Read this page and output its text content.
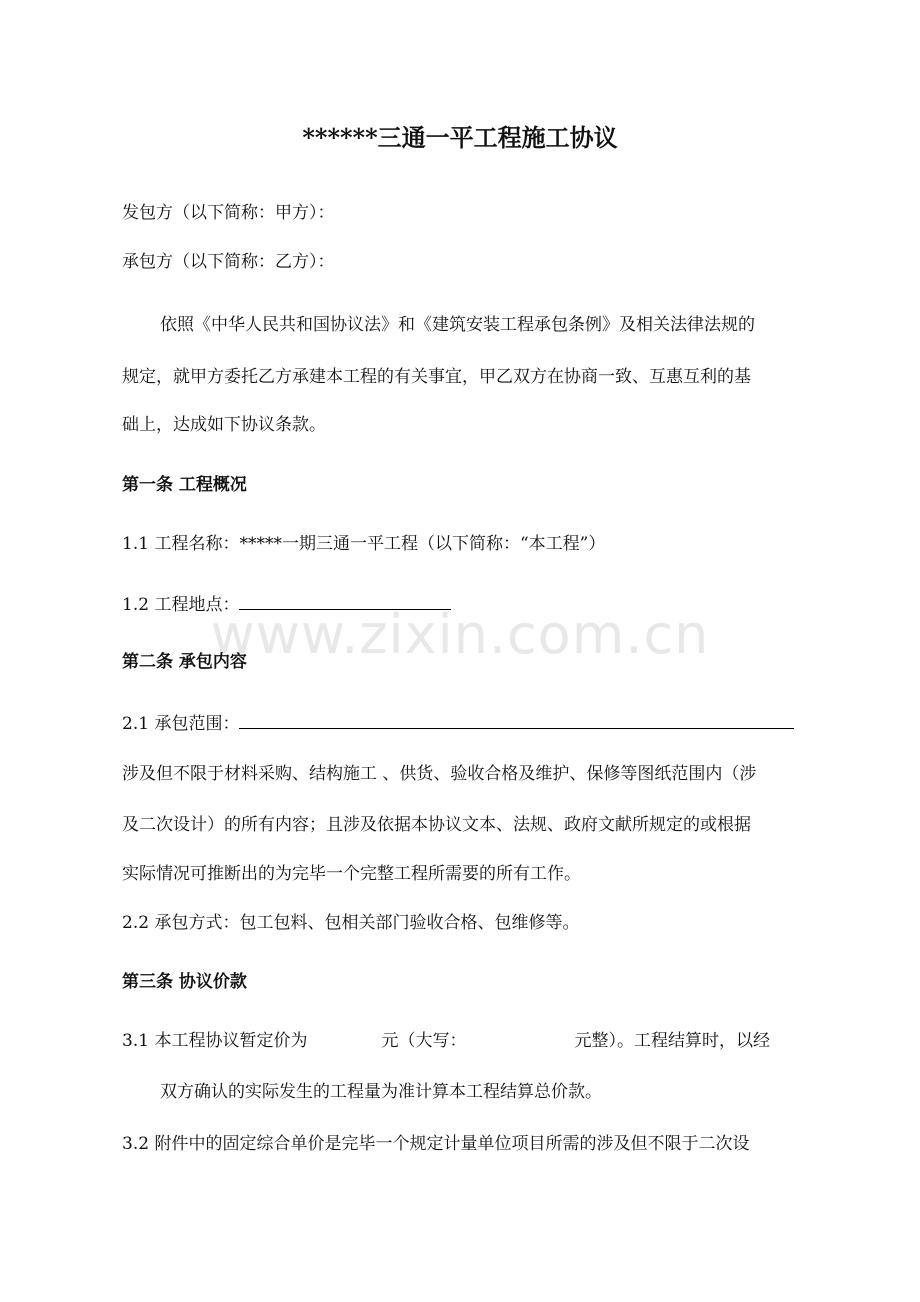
******三通一平工程施工协议
发包方（以下简称：甲方）：
承包方（以下简称：乙方）：
依照《中华人民共和国协议法》和《建筑安装工程承包条例》及相关法律法规的
规定，就甲方委托乙方承建本工程的有关事宜，甲乙双方在协商一致、互惠互利的基
础上，达成如下协议条款。
第一条 工程概况
1.1 工程名称：*****一期三通一平工程（以下简称：“本工程”）
1.2 工程地点：
www.zixin.com.cn
第二条 承包内容
2.1 承包范围：
涉及但不限于材料采购、结构施工 、供货、验收合格及维护、保修等图纸范围内（涉
及二次设计）的所有内容；且涉及依据本协议文本、法规、政府文献所规定的或根据
实际情况可推断出的为完毕一个完整工程所需要的所有工作。
2.2 承包方式：包工包料、包相关部门验收合格、包维修等。
第三条 协议价款
3.1 本工程协议暂定价为	元（大写：	元整）。工程结算时，以经
双方确认的实际发生的工程量为准计算本工程结算总价款。
3.2 附件中的固定综合单价是完毕一个规定计量单位项目所需的涉及但不限于二次设
